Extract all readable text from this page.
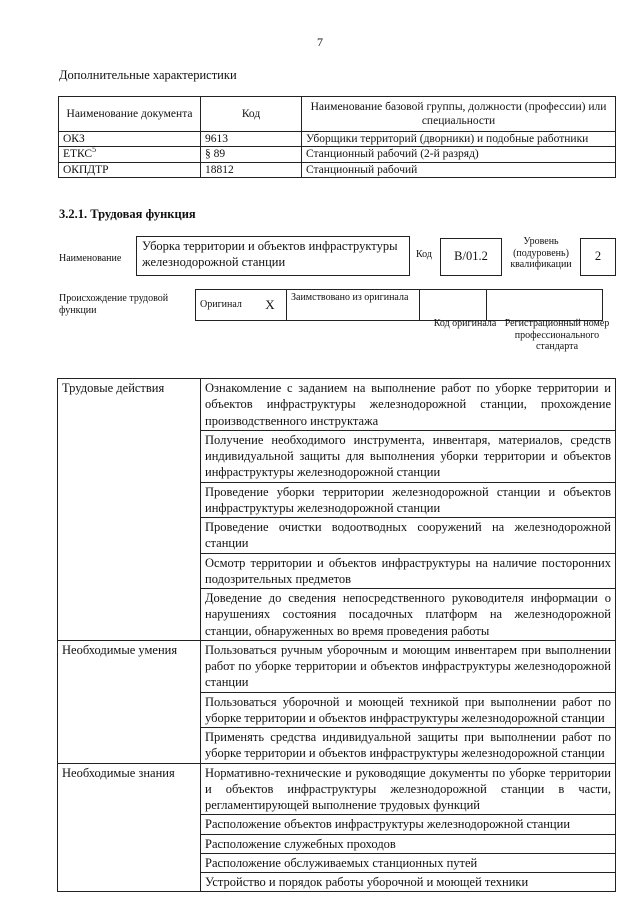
7
Дополнительные характеристики
Наименование документа	Код	Наименование базовой группы, должности (профессии) или специальности
ОКЗ	9613	Уборщики территорий (дворники) и подобные работники
ЕТКС$^5$	§ 89	Станционный рабочий (2-й разряд)
ОКПДТР	18812	Станционный рабочий
3.2.1. Трудовая функция
Наименование
Уборка территории и объектов инфраструктуры железнодорожной станции
Код	В/01.2
Уровень (подуровень) квалификации
2
Происхождение трудовой функции	Оригинал	Х	Заимствовано из оригинала		
Код оригинала Регистрационный номер профессионального стандарта
Трудовые действия	Ознакомление с заданием на выполнение работ по уборке территории и объектов инфраструктуры железнодорожной станции, прохождение производственного инструктажа
	Получение необходимого инструмента, инвентаря, материалов, средств индивидуальной защиты для выполнения уборки территории и объектов инфраструктуры железнодорожной станции
	Проведение уборки территории железнодорожной станции и объектов инфраструктуры железнодорожной станции
	Проведение очистки водоотводных сооружений на железнодорожной станции
	Осмотр территории и объектов инфраструктуры на наличие посторонних подозрительных предметов
	Доведение до сведения непосредственного руководителя информации о нарушениях состояния посадочных платформ на железнодорожной станции, обнаруженных во время проведения работы
Необходимые умения	Пользоваться ручным уборочным и моющим инвентарем при выполнении работ по уборке территории и объектов инфраструктуры железнодорожной станции
	Пользоваться уборочной и моющей техникой при выполнении работ по уборке территории и объектов инфраструктуры железнодорожной станции
	Применять средства индивидуальной защиты при выполнении работ по уборке территории и объектов инфраструктуры железнодорожной станции
Необходимые знания	Нормативно-технические и руководящие документы по уборке территории и объектов инфраструктуры железнодорожной станции в части, регламентирующей выполнение трудовых функций
	Расположение объектов инфраструктуры железнодорожной станции
	Расположение служебных проходов
	Расположение обслуживаемых станционных путей
	Устройство и порядок работы уборочной и моющей техники
